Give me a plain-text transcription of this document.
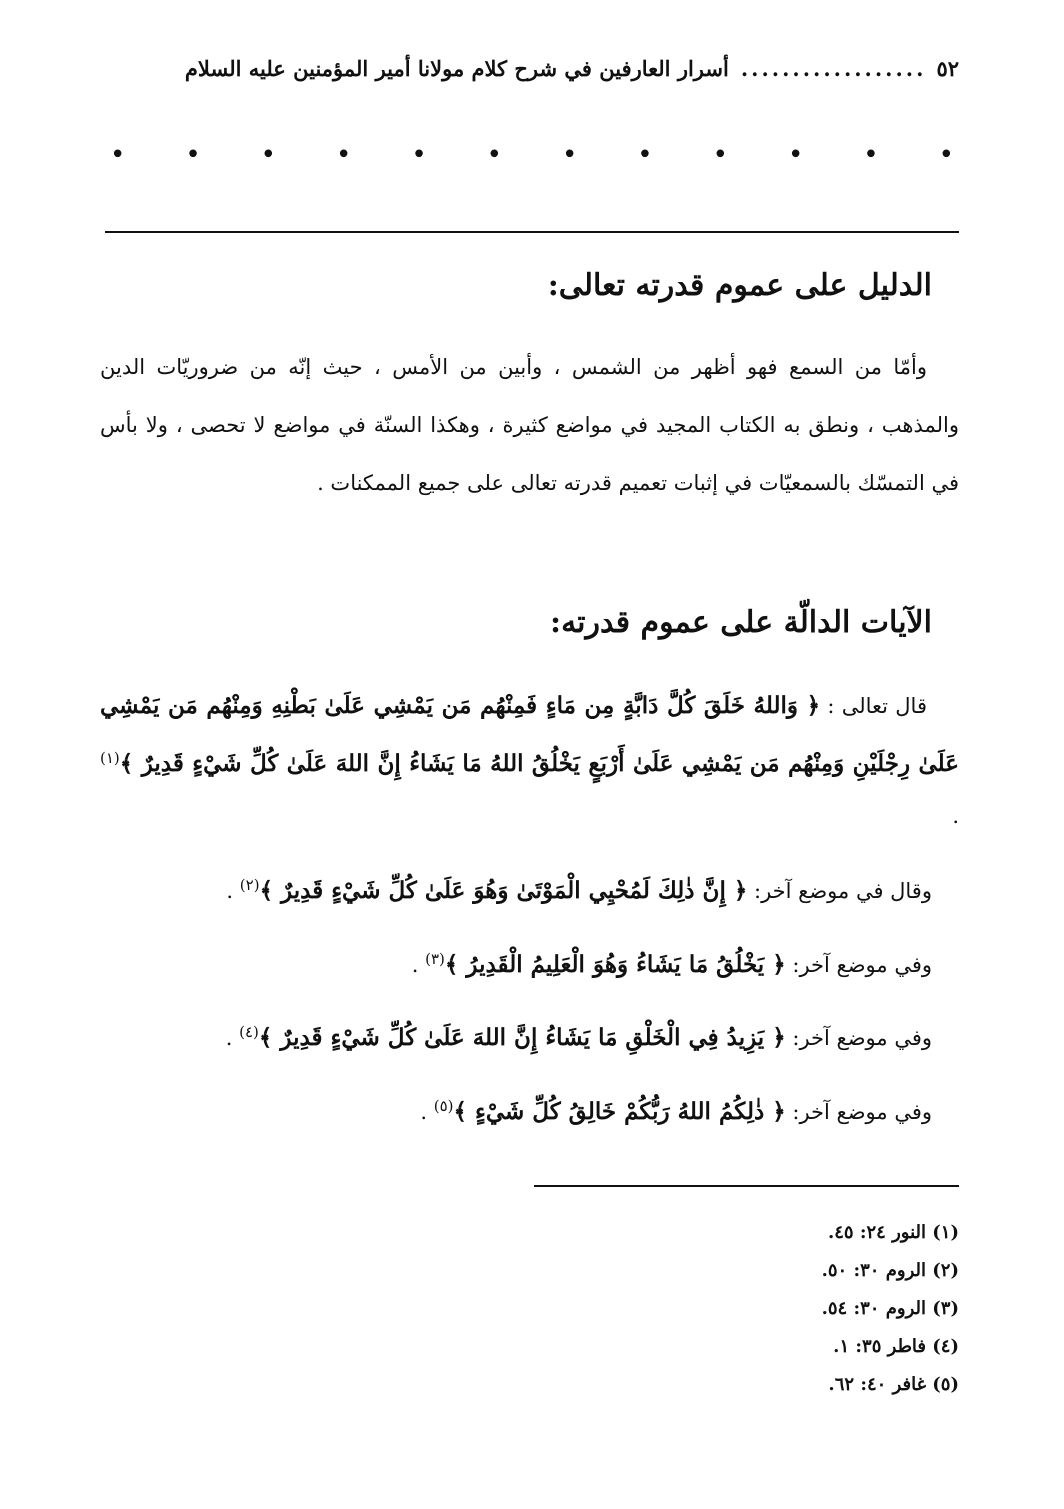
٥٢
..................
أسرار العارفين في شرح كلام مولانا أمير المؤمنين عليه السلام
• • • • • • • • • • • •
الدليل على عموم قدرته تعالى:
وأمّا من السمع فهو أظهر من الشمس ، وأبين من الأمس ، حيث إنّه من ضروريّات الدين والمذهب ، ونطق به الكتاب المجيد في مواضع كثيرة ، وهكذا السنّة في مواضع لا تحصى ، ولا بأس في التمسّك بالسمعيّات في إثبات تعميم قدرته تعالى على جميع الممكنات .
الآيات الدالّة على عموم قدرته:
قال تعالى : ﴿ وَاللهُ خَلَقَ كُلَّ دَابَّةٍ مِن مَاءٍ فَمِنْهُم مَن يَمْشِي عَلَىٰ بَطْنِهِ وَمِنْهُم مَن يَمْشِي عَلَىٰ رِجْلَيْنِ وَمِنْهُم مَن يَمْشِي عَلَىٰ أَرْبَعٍ يَخْلُقُ اللهُ مَا يَشَاءُ إِنَّ اللهَ عَلَىٰ كُلِّ شَيْءٍ قَدِيرٌ ﴾$^{(١)}$ .
وقال في موضع آخر: ﴿ إِنَّ ذٰلِكَ لَمُحْيِي الْمَوْتَىٰ وَهُوَ عَلَىٰ كُلِّ شَيْءٍ قَدِيرٌ ﴾$^{(٢)}$ .
وفي موضع آخر: ﴿ يَخْلُقُ مَا يَشَاءُ وَهُوَ الْعَلِيمُ الْقَدِيرُ ﴾$^{(٣)}$ .
وفي موضع آخر: ﴿ يَزِيدُ فِي الْخَلْقِ مَا يَشَاءُ إِنَّ اللهَ عَلَىٰ كُلِّ شَيْءٍ قَدِيرٌ ﴾$^{(٤)}$ .
وفي موضع آخر: ﴿ ذٰلِكُمُ اللهُ رَبُّكُمْ خَالِقُ كُلِّ شَيْءٍ ﴾$^{(٥)}$ .
(١) النور ٢٤: ٤٥.
(٢) الروم ٣٠: ٥٠.
(٣) الروم ٣٠: ٥٤.
(٤) فاطر ٣٥: ١.
(٥) غافر ٤٠: ٦٢.
